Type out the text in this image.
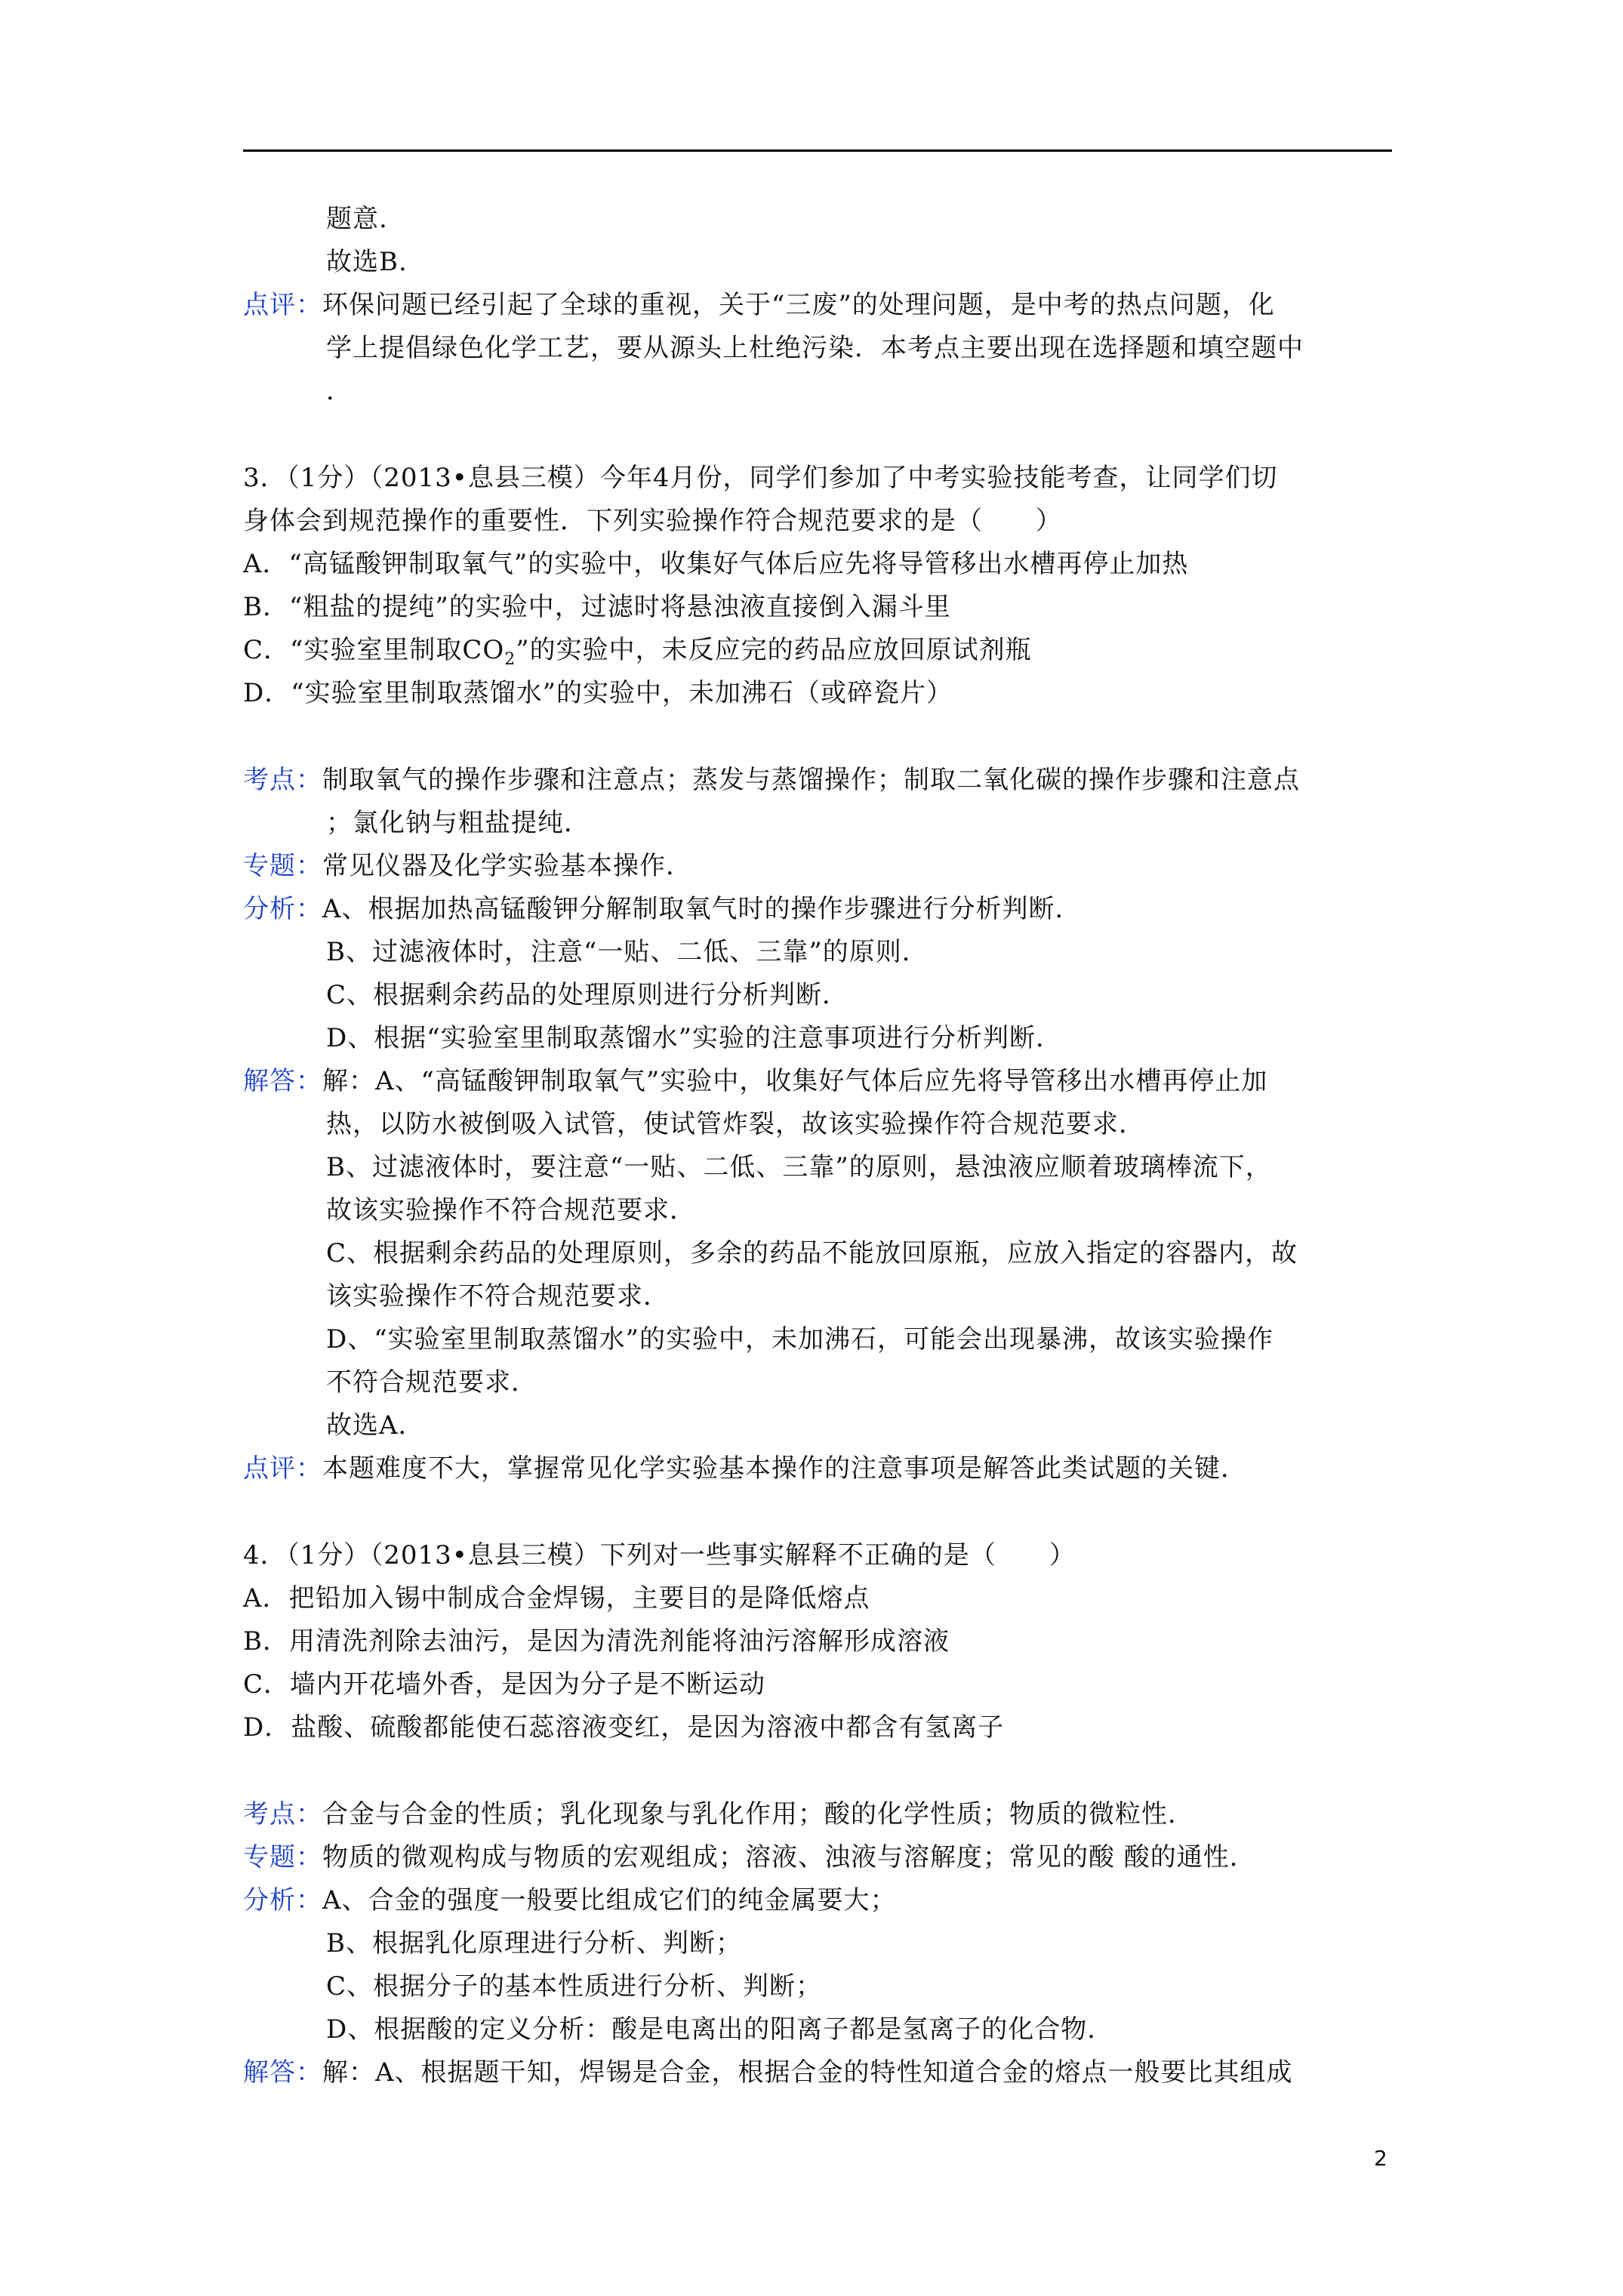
题意.
故选B.
点评：环保问题已经引起了全球的重视，关于“三废”的处理问题，是中考的热点问题，化
学上提倡绿色化学工艺，要从源头上杜绝污染．本考点主要出现在选择题和填空题中
．
3．（1分）（2013•息县三模）今年4月份，同学们参加了中考实验技能考查，让同学们切
身体会到规范操作的重要性．下列实验操作符合规范要求的是（　　）
A．“高锰酸钾制取氧气”的实验中，收集好气体后应先将导管移出水槽再停止加热
B．“粗盐的提纯”的实验中，过滤时将悬浊液直接倒入漏斗里
C．“实验室里制取$CO_2$”的实验中，未反应完的药品应放回原试剂瓶
D．“实验室里制取蒸馏水”的实验中，未加沸石（或碎瓷片）
考点：制取氧气的操作步骤和注意点；蒸发与蒸馏操作；制取二氧化碳的操作步骤和注意点
；氯化钠与粗盐提纯．
专题：常见仪器及化学实验基本操作．
分析：A、根据加热高锰酸钾分解制取氧气时的操作步骤进行分析判断．
B、过滤液体时，注意“一贴、二低、三靠”的原则．
C、根据剩余药品的处理原则进行分析判断．
D、根据“实验室里制取蒸馏水”实验的注意事项进行分析判断．
解答：解：A、“高锰酸钾制取氧气”实验中，收集好气体后应先将导管移出水槽再停止加
热，以防水被倒吸入试管，使试管炸裂，故该实验操作符合规范要求．
B、过滤液体时，要注意“一贴、二低、三靠”的原则，悬浊液应顺着玻璃棒流下，
故该实验操作不符合规范要求．
C、根据剩余药品的处理原则，多余的药品不能放回原瓶，应放入指定的容器内，故
该实验操作不符合规范要求．
D、“实验室里制取蒸馏水”的实验中，未加沸石，可能会出现暴沸，故该实验操作
不符合规范要求．
故选A．
点评：本题难度不大，掌握常见化学实验基本操作的注意事项是解答此类试题的关键．
4．（1分）（2013•息县三模）下列对一些事实解释不正确的是（　　）
A．把铅加入锡中制成合金焊锡，主要目的是降低熔点
B．用清洗剂除去油污，是因为清洗剂能将油污溶解形成溶液
C．墙内开花墙外香，是因为分子是不断运动
D．盐酸、硫酸都能使石蕊溶液变红，是因为溶液中都含有氢离子
考点：合金与合金的性质；乳化现象与乳化作用；酸的化学性质；物质的微粒性．
专题：物质的微观构成与物质的宏观组成；溶液、浊液与溶解度；常见的酸 酸的通性．
分析：A、合金的强度一般要比组成它们的纯金属要大；
B、根据乳化原理进行分析、判断；
C、根据分子的基本性质进行分析、判断；
D、根据酸的定义分析：酸是电离出的阳离子都是氢离子的化合物．
解答：解：A、根据题干知，焊锡是合金，根据合金的特性知道合金的熔点一般要比其组成
2
